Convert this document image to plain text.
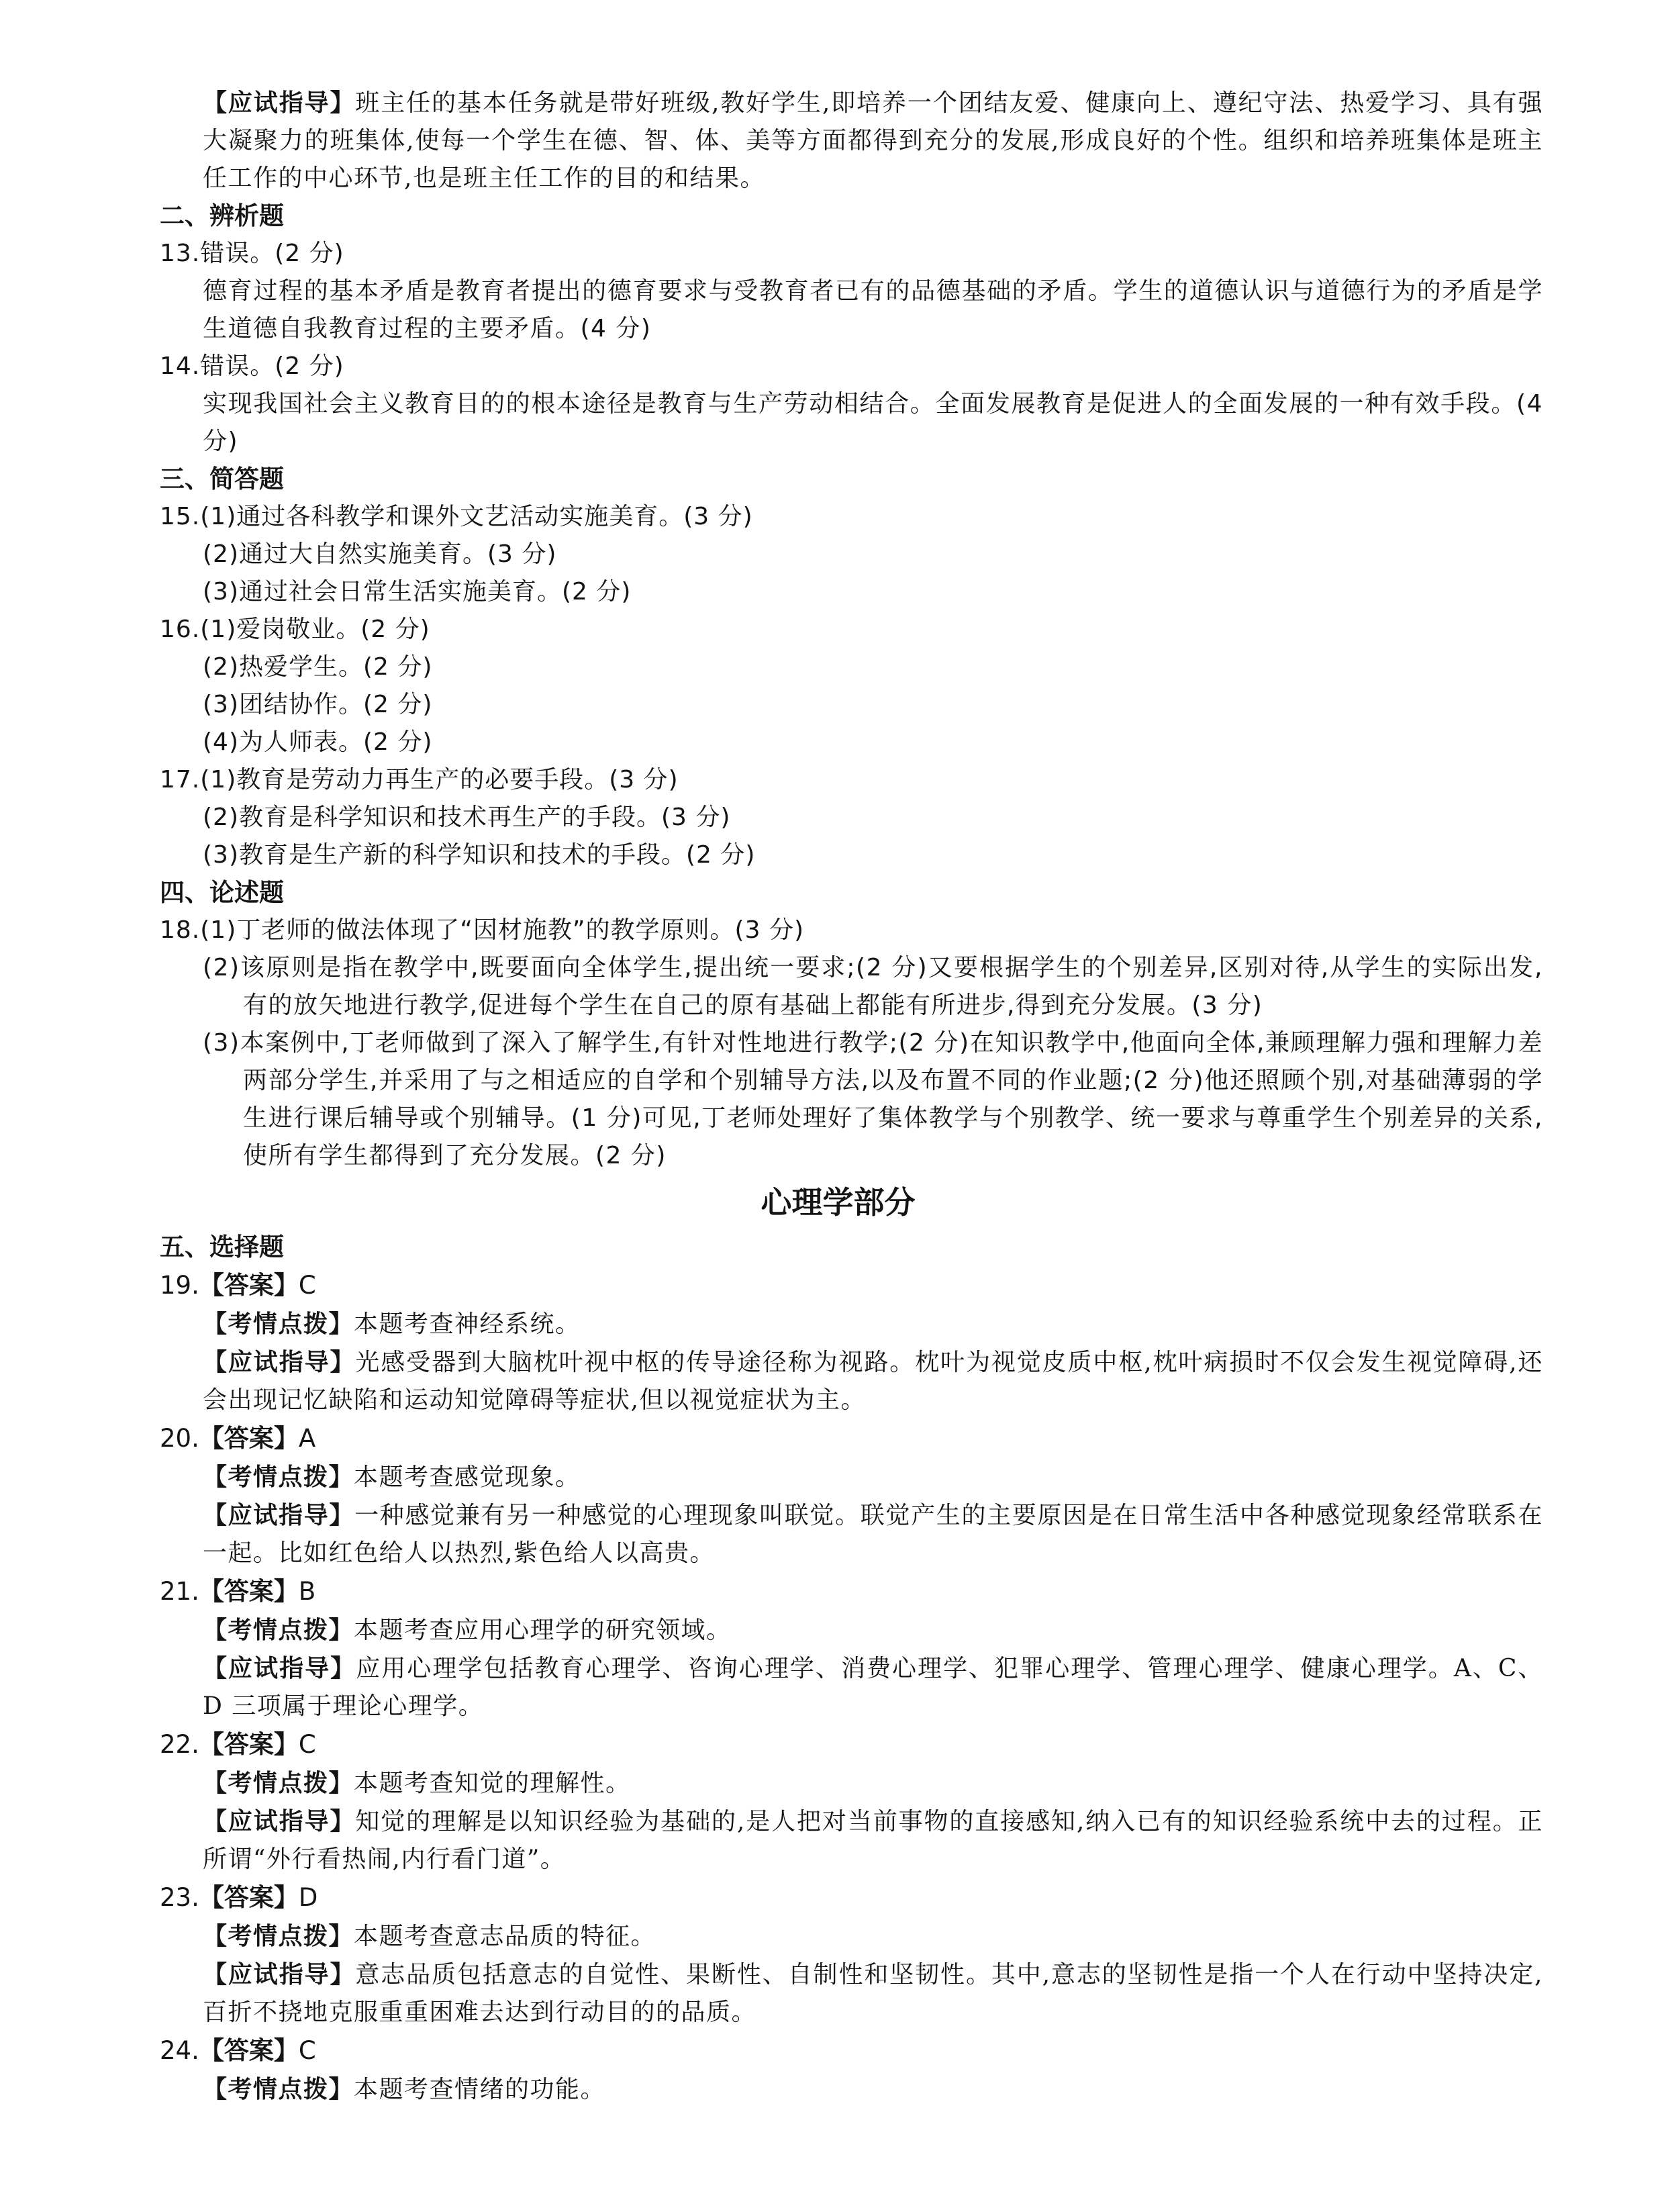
【应试指导】班主任的基本任务就是带好班级,教好学生,即培养一个团结友爱、健康向上、遵纪守法、热爱学习、具有强大凝聚力的班集体,使每一个学生在德、智、体、美等方面都得到充分的发展,形成良好的个性。组织和培养班集体是班主任工作的中心环节,也是班主任工作的目的和结果。

二、辨析题
13.错误。(2 分)

德育过程的基本矛盾是教育者提出的德育要求与受教育者已有的品德基础的矛盾。学生的道德认识与道德行为的矛盾是学生道德自我教育过程的主要矛盾。(4 分)

14.错误。(2 分)

实现我国社会主义教育目的的根本途径是教育与生产劳动相结合。全面发展教育是促进人的全面发展的一种有效手段。(4 分)

三、简答题
15.(1)通过各科教学和课外文艺活动实施美育。(3 分)
(2)通过大自然实施美育。(3 分)
(3)通过社会日常生活实施美育。(2 分)
16.(1)爱岗敬业。(2 分)
(2)热爱学生。(2 分)
(3)团结协作。(2 分)
(4)为人师表。(2 分)
17.(1)教育是劳动力再生产的必要手段。(3 分)
(2)教育是科学知识和技术再生产的手段。(3 分)
(3)教育是生产新的科学知识和技术的手段。(2 分)
四、论述题
18.(1)丁老师的做法体现了“因材施教”的教学原则。(3 分)

(2)该原则是指在教学中,既要面向全体学生,提出统一要求;(2 分)又要根据学生的个别差异,区别对待,从学生的实际出发,有的放矢地进行教学,促进每个学生在自己的原有基础上都能有所进步,得到充分发展。(3 分)

(3)本案例中,丁老师做到了深入了解学生,有针对性地进行教学;(2 分)在知识教学中,他面向全体,兼顾理解力强和理解力差两部分学生,并采用了与之相适应的自学和个别辅导方法,以及布置不同的作业题;(2 分)他还照顾个别,对基础薄弱的学生进行课后辅导或个别辅导。(1 分)可见,丁老师处理好了集体教学与个别教学、统一要求与尊重学生个别差异的关系,使所有学生都得到了充分发展。(2 分)

心理学部分
五、选择题
19.【答案】C

【考情点拨】本题考查神经系统。

【应试指导】光感受器到大脑枕叶视中枢的传导途径称为视路。枕叶为视觉皮质中枢,枕叶病损时不仅会发生视觉障碍,还会出现记忆缺陷和运动知觉障碍等症状,但以视觉症状为主。

20.【答案】A

【考情点拨】本题考查感觉现象。

【应试指导】一种感觉兼有另一种感觉的心理现象叫联觉。联觉产生的主要原因是在日常生活中各种感觉现象经常联系在一起。比如红色给人以热烈,紫色给人以高贵。

21.【答案】B

【考情点拨】本题考查应用心理学的研究领域。

【应试指导】应用心理学包括教育心理学、咨询心理学、消费心理学、犯罪心理学、管理心理学、健康心理学。A、C、D 三项属于理论心理学。

22.【答案】C

【考情点拨】本题考查知觉的理解性。

【应试指导】知觉的理解是以知识经验为基础的,是人把对当前事物的直接感知,纳入已有的知识经验系统中去的过程。正所谓“外行看热闹,内行看门道”。

23.【答案】D

【考情点拨】本题考查意志品质的特征。

【应试指导】意志品质包括意志的自觉性、果断性、自制性和坚韧性。其中,意志的坚韧性是指一个人在行动中坚持决定,百折不挠地克服重重困难去达到行动目的的品质。

24.【答案】C

【考情点拨】本题考查情绪的功能。
